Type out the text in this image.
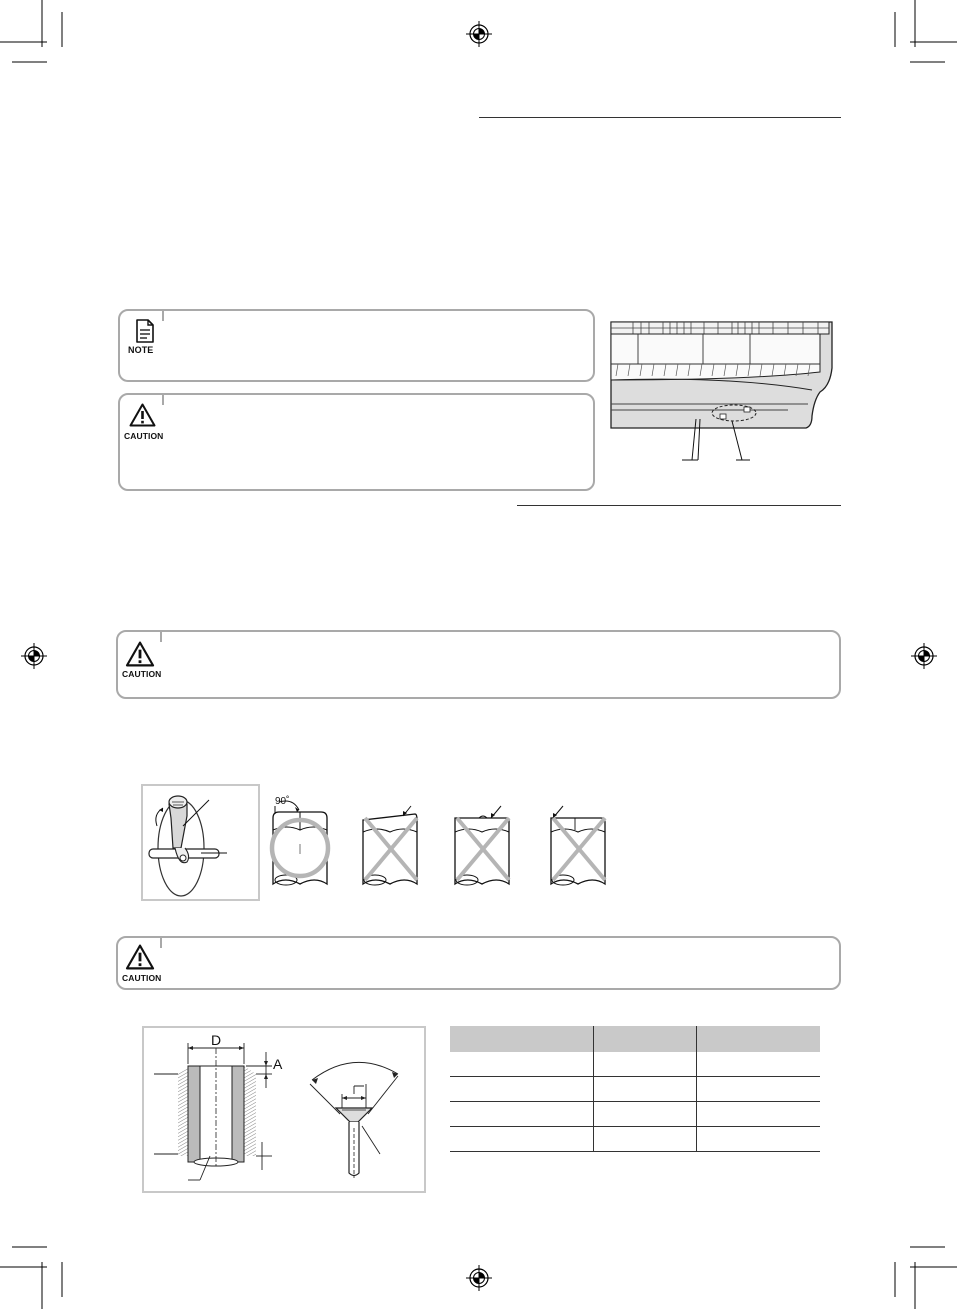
NOTE
CAUTION
CAUTION
90˚
CAUTION
D
A
